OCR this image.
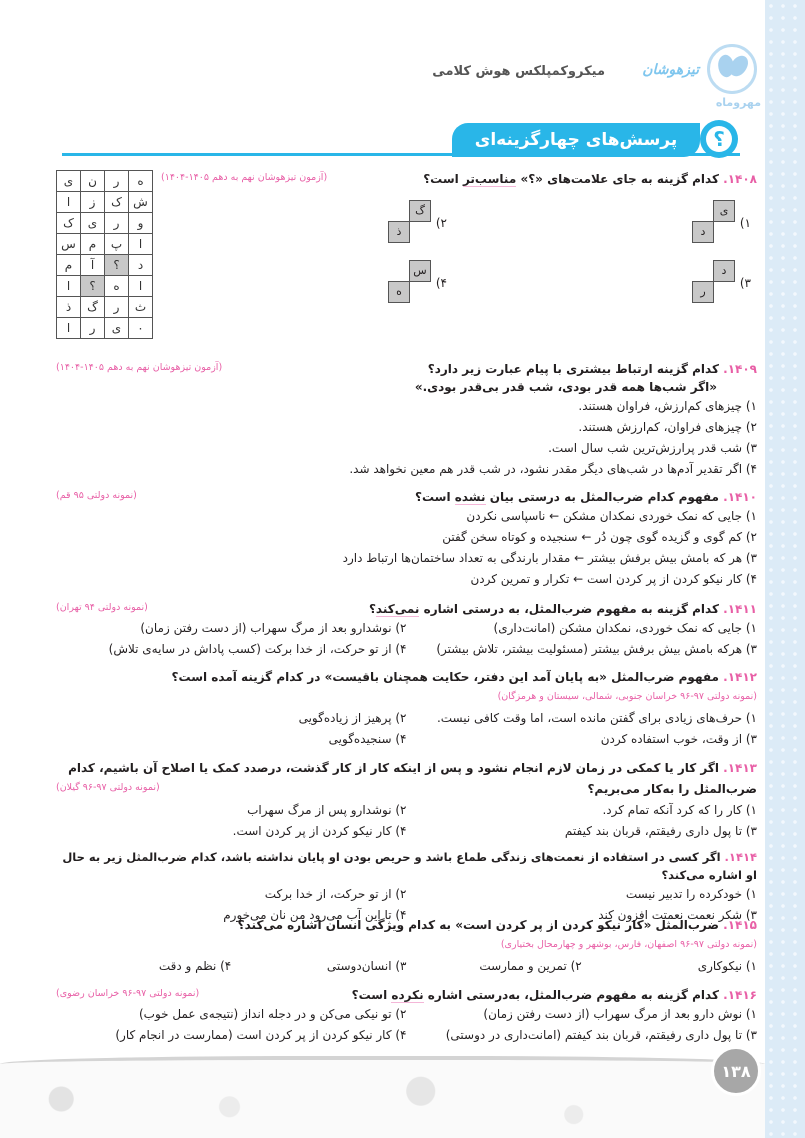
مهروماه
تیزهوشان
میکروکمپلکس هوش کلامی
پرسش‌های چهارگزینه‌ای	؟
۱۴۰۸. کدام گزینه به جای علامت‌های «؟» مناسب‌تر است؟
(آزمون تیزهوشان نهم به دهم ۱۴۰۵-۱۴۰۴)
ه	ر	ن	ی
ش	ک	ز	ا
و	ر	ی	ک
ا	پ	م	س
د	؟	آ	م
ا	ه	؟	ا
ث	ر	گ	ذ
۰	ی	ر	ا
۱)
ی
د
۲)
گ
ذ
۳)
د
ر
۴)
س
ه
۱۴۰۹. کدام گزینه ارتباط بیشتری با پیام عبارت زیر دارد؟
(آزمون تیزهوشان نهم به دهم ۱۴۰۵-۱۴۰۴)
«اگر شب‌ها همه قدر بودی، شب قدر بی‌قدر بودی.»
۱) چیزهای کم‌ارزش، فراوان هستند.
۲) چیزهای فراوان، کم‌ارزش هستند.
۳) شب قدر پرارزش‌ترین شب سال است.
۴) اگر تقدیر آدم‌ها در شب‌های دیگر مقدر نشود، در شب قدر هم معین نخواهد شد.
۱۴۱۰. مفهوم کدام ضرب‌المثل به درستی بیان نشده است؟
(نمونه دولتی ۹۵ قم)
۱) جایی که نمک خوردی نمکدان مشکن ← ناسپاسی نکردن
۲) کم گوی و گزیده گوی چون دُر ← سنجیده و کوتاه سخن گفتن
۳) هر که بامش بیش برفش بیشتر ← مقدار بارندگی به تعداد ساختمان‌ها ارتباط دارد
۴) کار نیکو کردن از پر کردن است ← تکرار و تمرین کردن
۱۴۱۱. کدام گزینه به مفهوم ضرب‌المثل، به درستی اشاره نمی‌کند؟
(نمونه دولتی ۹۴ تهران)
۱) جایی که نمک خوردی، نمکدان مشکن (امانت‌داری)
۲) نوشدارو بعد از مرگ سهراب (از دست رفتن زمان)
۳) هرکه بامش بیش برفش بیشتر (مسئولیت بیشتر، تلاش بیشتر)
۴) از تو حرکت، از خدا برکت (کسب پاداش در سایه‌ی تلاش)
۱۴۱۲. مفهوم ضرب‌المثل «به پایان آمد این دفتر، حکایت همچنان باقیست» در کدام گزینه آمده است؟
(نمونه دولتی ۹۷-۹۶ خراسان جنوبی، شمالی، سیستان و هرمزگان)
۱) حرف‌های زیادی برای گفتن مانده است، اما وقت کافی نیست.
۲) پرهیز از زیاده‌گویی
۳) از وقت، خوب استفاده کردن
۴) سنجیده‌گویی
۱۴۱۳. اگر کار یا کمکی در زمان لازم انجام نشود و پس از اینکه کار از کار گذشت، درصدد کمک یا اصلاح آن باشیم، کدام ضرب‌المثل را به‌کار می‌بریم؟
(نمونه دولتی ۹۷-۹۶ گیلان)
۱) کار را که کرد آنکه تمام کرد.
۲) نوشدارو پس از مرگ سهراب
۳) تا پول داری رفیقتم، قربان بند کیفتم
۴) کار نیکو کردن از پر کردن است.
۱۴۱۴. اگر کسی در استفاده از نعمت‌های زندگی طماع باشد و حریص بودن او پایان نداشته باشد، کدام ضرب‌المثل زیر به حال او اشاره می‌کند؟
۱) خودکرده را تدبیر نیست
۲) از تو حرکت، از خدا برکت
۳) شکر نعمت نعمتت افزون کند
۴) تا این آب می‌رود من نان می‌خورم
۱۴۱۵. ضرب‌المثل «کار نیکو کردن از پر کردن است» به کدام ویژگی انسان اشاره می‌کند؟
(نمونه دولتی ۹۷-۹۶ اصفهان، فارس، بوشهر و چهارمحال بختیاری)
۱) نیکوکاری
۲) تمرین و ممارست
۳) انسان‌دوستی
۴) نظم و دقت
۱۴۱۶. کدام گزینه به مفهوم ضرب‌المثل، به‌درستی اشاره نکرده است؟
(نمونه دولتی ۹۷-۹۶ خراسان رضوی)
۱) نوش دارو بعد از مرگ سهراب (از دست رفتن زمان)
۲) تو نیکی می‌کن و در دجله انداز (نتیجه‌ی عمل خوب)
۳) تا پول داری رفیقتم، قربان بند کیفتم (امانت‌داری در دوستی)
۴) کار نیکو کردن از پر کردن است (ممارست در انجام کار)
۱۳۸
